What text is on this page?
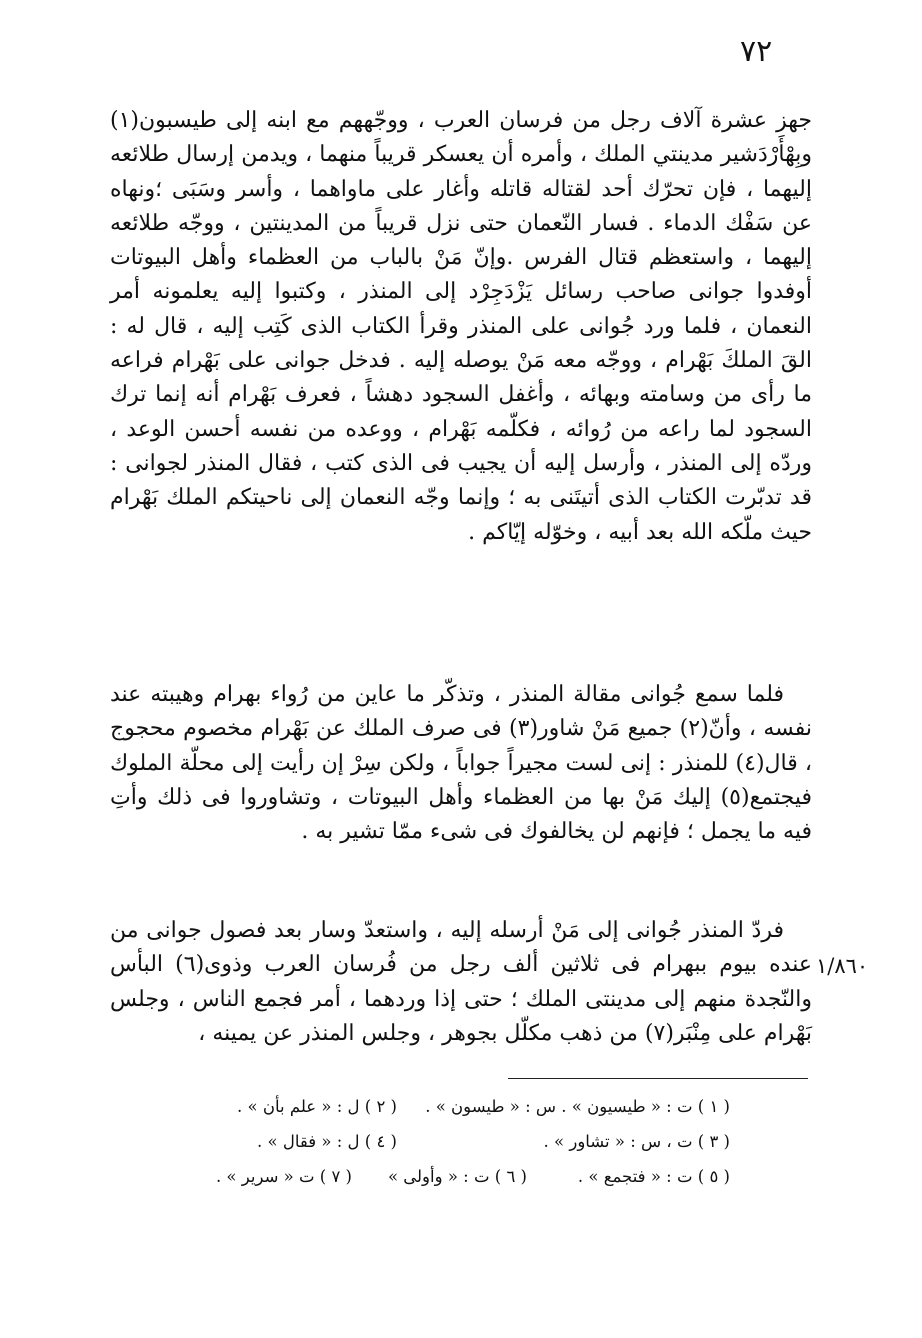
٧٢

جهز عشرة آلاف رجل من فرسان العرب ، ووجّههم مع ابنه إلى طيسبون(١) وبِهْأَرْدَشير مدينتي الملك ، وأمره أن يعسكر قريباً منهما ، ويدمن إرسال طلائعه إليهما ، فإن تحرّك أحد لقتاله قاتله وأغار على ماواهما ، وأسر وسَبَى ؛ونهاه عن سَفْك الدماء . فسار النّعمان حتى نزل قريباً من المدينتين ، ووجّه طلائعه إليهما ، واستعظم قتال الفرس .وإنّ مَنْ بالباب من العظماء وأهل البيوتات أوفدوا جوانى صاحب رسائل يَزْدَجِرْد إلى المنذر ، وكتبوا إليه يعلمونه أمر النعمان ، فلما ورد جُوانى على المنذر وقرأ الكتاب الذى كَتِب إليه ، قال له : القَ الملكَ بَهْرام ، ووجّه معه مَنْ يوصله إليه . فدخل جوانى على بَهْرام فراعه ما رأى من وسامته وبهائه ، وأغفل السجود دهشاً ، فعرف بَهْرام أنه إنما ترك السجود لما راعه من رُوائه ، فكلّمه بَهْرام ، ووعده من نفسه أحسن الوعد ، وردّه إلى المنذر ، وأرسل إليه أن يجيب فى الذى كتب ، فقال المنذر لجوانى : قد تدبّرت الكتاب الذى أتيتَنى به ؛ وإنما وجّه النعمان إلى ناحيتكم الملك بَهْرام حيث ملّكه الله بعد أبيه ، وخوّله إيّاكم .

فلما سمع جُوانى مقالة المنذر ، وتذكّر ما عاين من رُواء بهرام وهيبته عند نفسه ، وأنّ(٢) جميع مَنْ شاور(٣) فى صرف الملك عن بَهْرام مخصوم محجوج ، قال(٤) للمنذر : إنى لست مجيراً جواباً ، ولكن سِرْ إن رأيت إلى محلّة الملوك فيجتمع(٥) إليك مَنْ بها من العظماء وأهل البيوتات ، وتشاوروا فى ذلك وأتِ فيه ما يجمل ؛ فإنهم لن يخالفوك فى شىء ممّا تشير به .

فردّ المنذر جُوانى إلى مَنْ أرسله إليه ، واستعدّ وسار بعد فصول جوانى من عنده بيوم ببهرام فى ثلاثين ألف رجل من فُرسان العرب وذوى(٦) البأس والنّجدة منهم إلى مدينتى الملك ؛ حتى إذا وردهما ، أمر فجمع الناس ، وجلس بَهْرام على مِنْبَر(٧) من ذهب مكلّل بجوهر ، وجلس المنذر عن يمينه ،

١/٨٦٠
( ١ ) ت : « طيسيون » . س : « طيسون » .
( ٢ ) ل : « علم بأن » .
( ٣ ) ت ، س : « تشاور » .
( ٤ ) ل : « فقال » .
( ٥ ) ت : « فتجمع » .
( ٦ ) ت : « وأولى »
( ٧ ) ت « سرير » .
